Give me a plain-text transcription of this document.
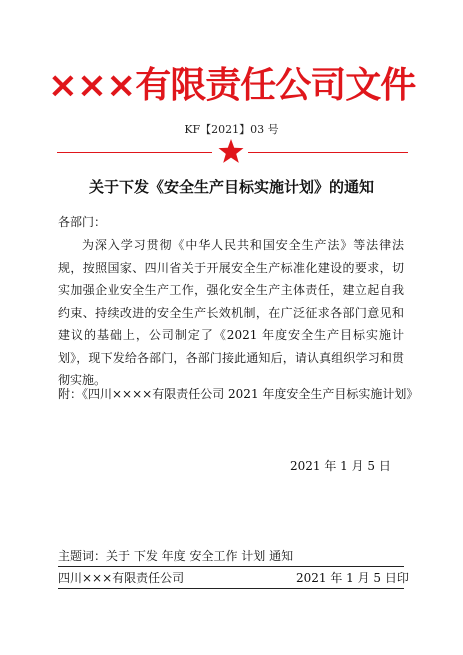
×××有限责任公司文件
KF【2021】03 号
关于下发《安全生产目标实施计划》的通知
各部门：
为深入学习贯彻《中华人民共和国安全生产法》等法律法规，按照国家、四川省关于开展安全生产标准化建设的要求，切实加强企业安全生产工作，强化安全生产主体责任，建立起自我约束、持续改进的安全生产长效机制，在广泛征求各部门意见和建议的基础上，公司制定了《2021 年度安全生产目标实施计划》，现下发给各部门，各部门接此通知后，请认真组织学习和贯彻实施。
附：《四川××××有限责任公司 2021 年度安全生产目标实施计划》
2021 年 1 月 5 日
主题词：关于 下发 年度 安全工作 计划 通知
四川×××有限责任公司	2021 年 1 月 5 日印
